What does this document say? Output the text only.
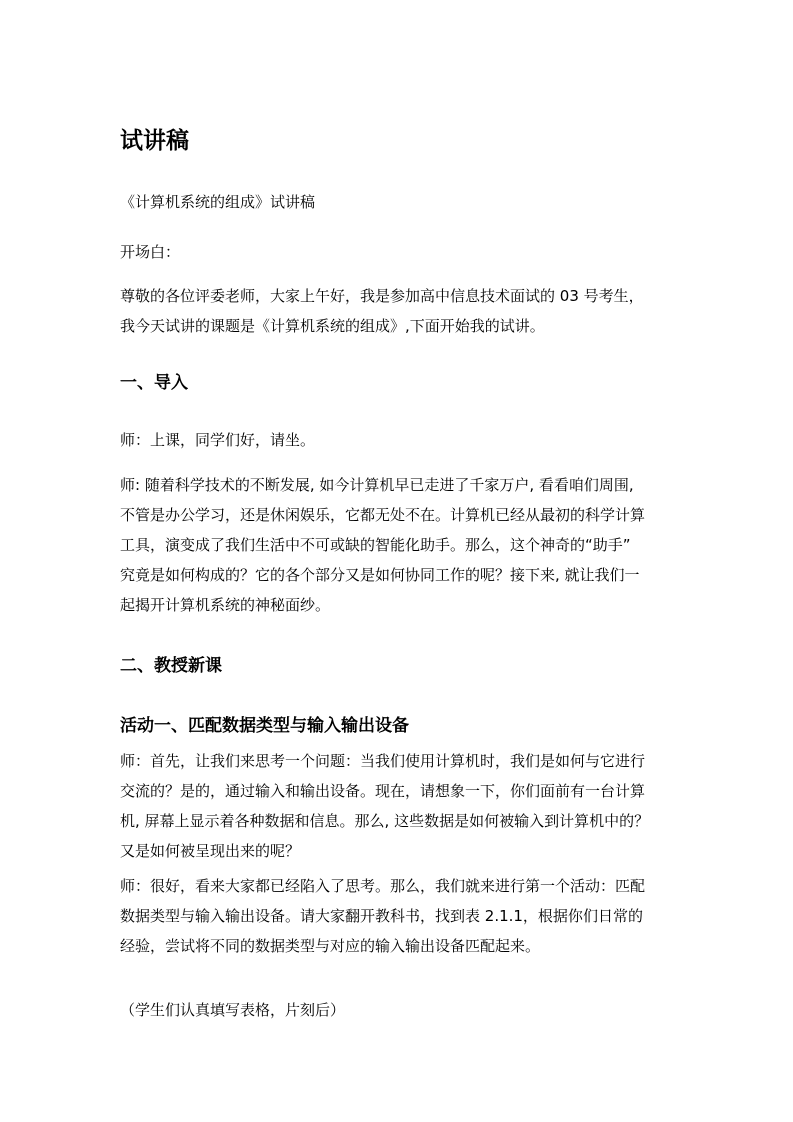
试讲稿

《计算机系统的组成》试讲稿

开场白：

尊敬的各位评委老师，大家上午好，我是参加高中信息技术面试的 03 号考生，
我今天试讲的课题是《计算机系统的组成》,下面开始我的试讲。
一、导入

师：上课，同学们好，请坐。

师: 随着科学技术的不断发展, 如今计算机早已走进了千家万户, 看看咱们周围,
不管是办公学习，还是休闲娱乐，它都无处不在。计算机已经从最初的科学计算
工具，演变成了我们生活中不可或缺的智能化助手。那么，这个神奇的“助手”
究竟是如何构成的？它的各个部分又是如何协同工作的呢？接下来, 就让我们一
起揭开计算机系统的神秘面纱。
二、教授新课
活动一、匹配数据类型与输入输出设备
师：首先，让我们来思考一个问题：当我们使用计算机时，我们是如何与它进行
交流的？是的，通过输入和输出设备。现在，请想象一下，你们面前有一台计算
机, 屏幕上显示着各种数据和信息。那么, 这些数据是如何被输入到计算机中的？
又是如何被呈现出来的呢？
师：很好，看来大家都已经陷入了思考。那么，我们就来进行第一个活动：匹配
数据类型与输入输出设备。请大家翻开教科书，找到表 2.1.1，根据你们日常的
经验，尝试将不同的数据类型与对应的输入输出设备匹配起来。

（学生们认真填写表格，片刻后）
